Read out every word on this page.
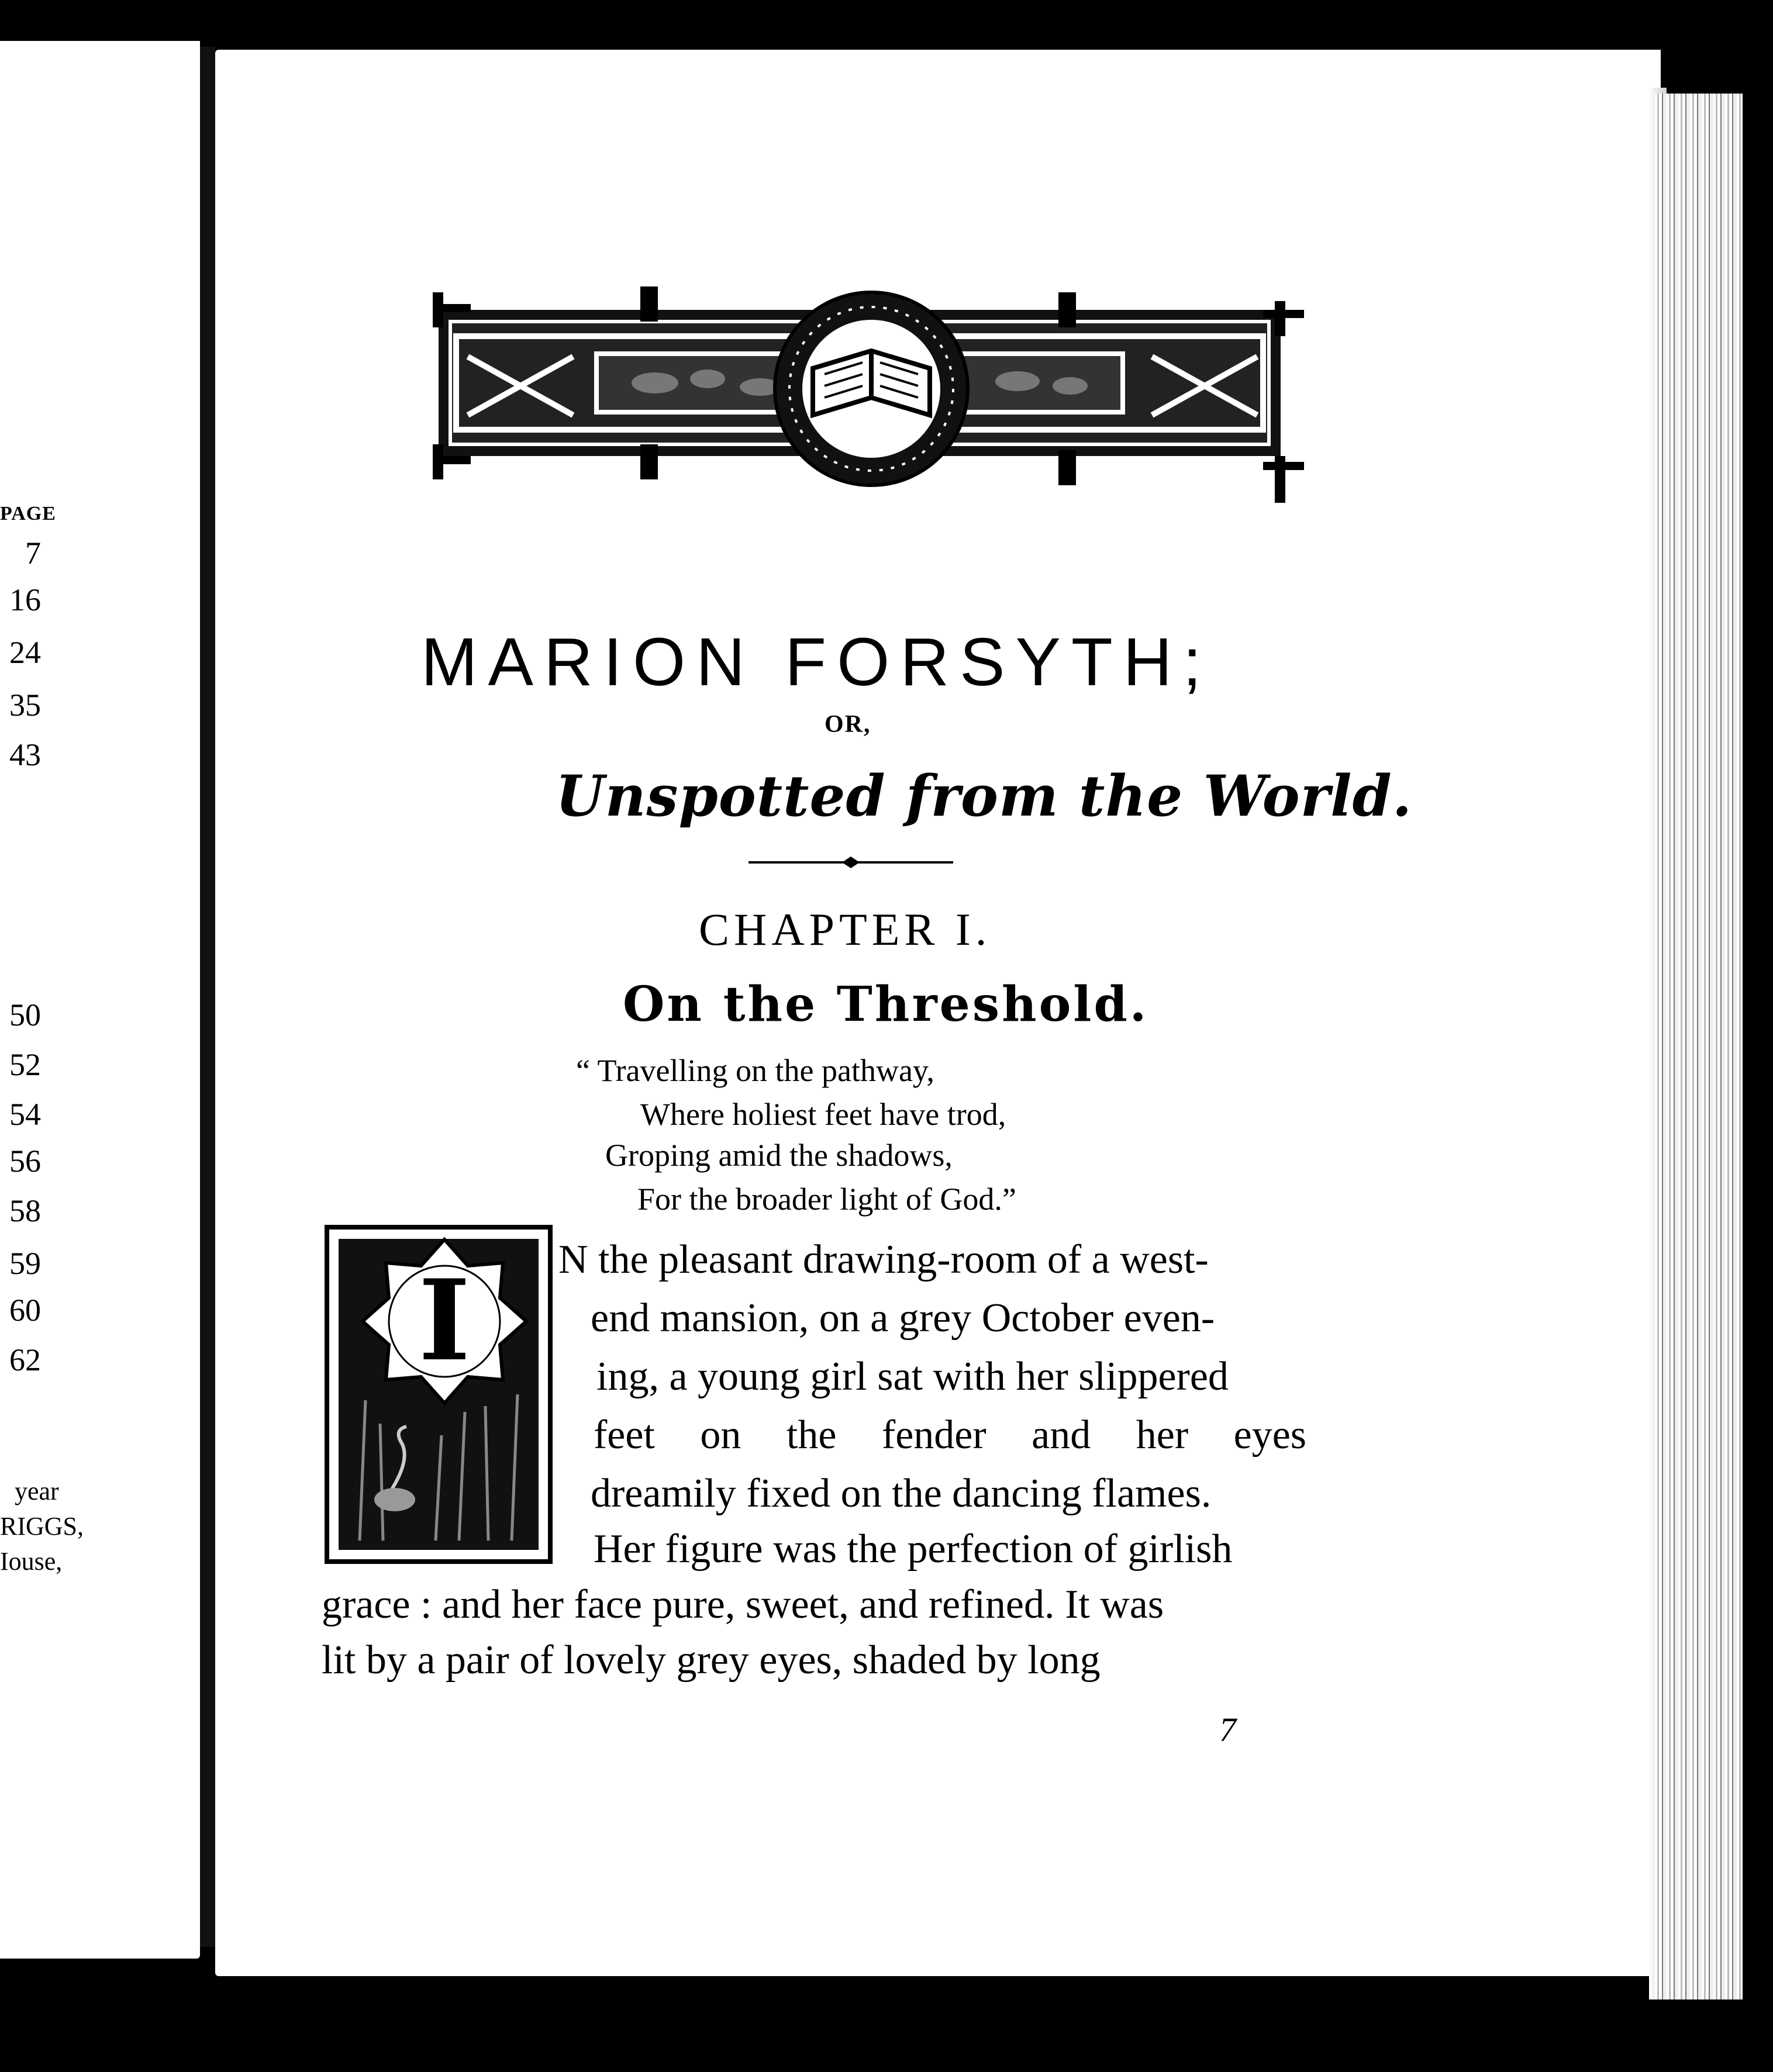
PAGE
7
16
24
35
43
50
52
54
56
58
59
60
62
year
RIGGS,
Iouse,
MARION FORSYTH;
OR,
Unspotted from the World.
CHAPTER I.
On the Threshold.
“ Travelling on the pathway,
Where holiest feet have trod,
Groping amid the shadows,
For the broader light of God.”
I N the pleasant drawing-room of a west-
end mansion, on a grey October even-
ing, a young girl sat with her slippered
feet on the fender and her eyes
dreamily fixed on the dancing flames.
Her figure was the perfection of girlish
grace : and her face pure, sweet, and refined. It was
lit by a pair of lovely grey eyes, shaded by long
7
